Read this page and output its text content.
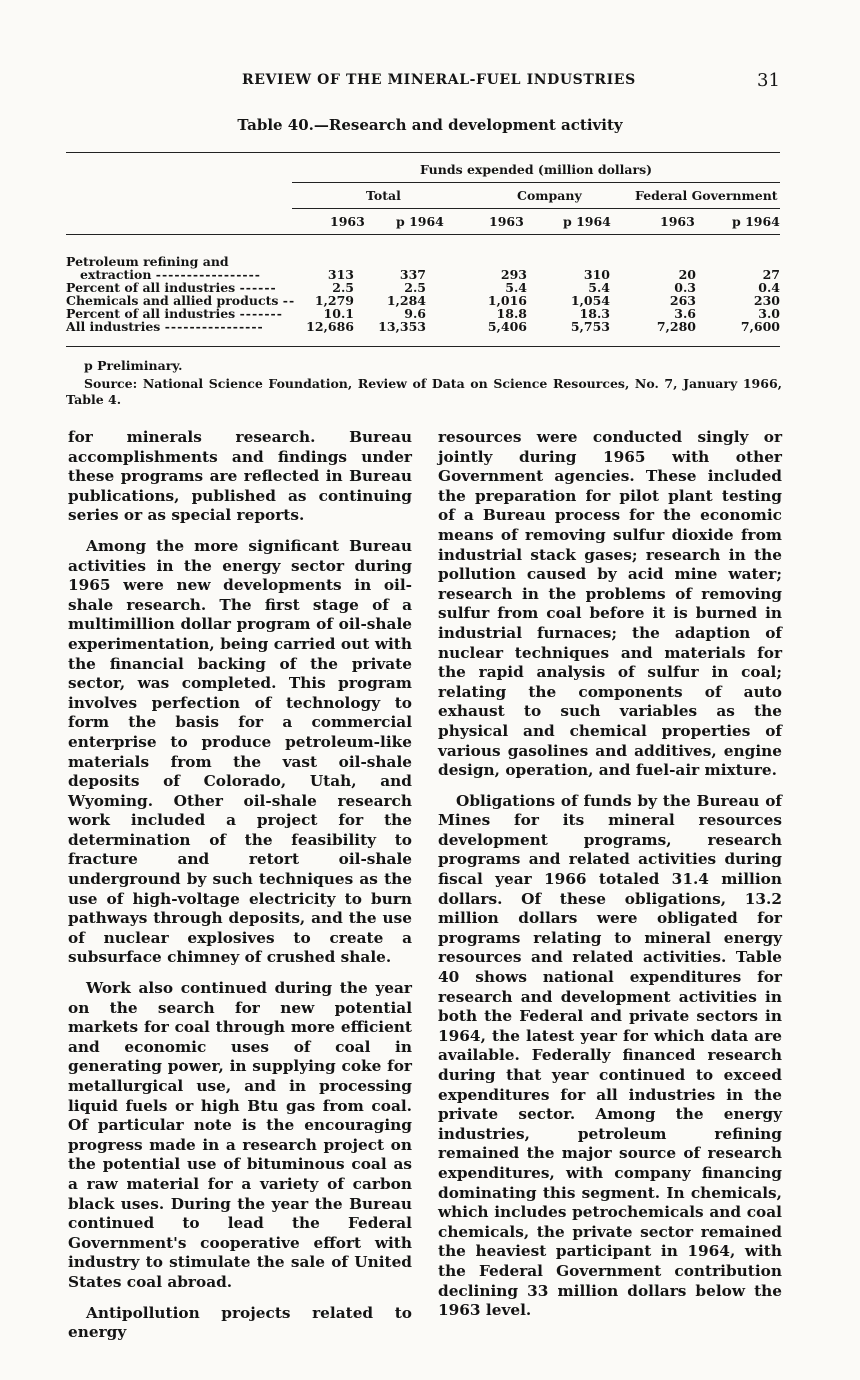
REVIEW OF THE MINERAL-FUEL INDUSTRIES	31
Table 40.—Research and development activity
Funds expended (million dollars)
Total	Company	Federal Government
1963 p 1964	1963	p 1964	1963	p 1964
Petroleum refining and
extraction -----------------	313	337	293	310	20	27
Percent of all industries ------	2.5	2.5	5.4	5.4	0.3	0.4
Chemicals and allied products --	1,279	1,284	1,016	1,054	263	230
Percent of all industries -------	10.1	9.6	18.8	18.3	3.6	3.0
All industries ----------------	12,686	13,353	5,406	5,753	7,280	7,600
p Preliminary.
Source: National Science Foundation, Review of Data on Science Resources, No. 7, January 1966, Table 4.

for minerals research. Bureau accomplishments and findings under these programs are reflected in Bureau publications, published as continuing series or as special reports.

Among the more significant Bureau activities in the energy sector during 1965 were new developments in oil-shale research. The first stage of a multimillion dollar program of oil-shale experimentation, being carried out with the financial backing of the private sector, was completed. This program involves perfection of technology to form the basis for a commercial enterprise to produce petroleum-like materials from the vast oil-shale deposits of Colorado, Utah, and Wyoming. Other oil-shale research work included a project for the determination of the feasibility to fracture and retort oil-shale underground by such techniques as the use of high-voltage electricity to burn pathways through deposits, and the use of nuclear explosives to create a subsurface chimney of crushed shale.

Work also continued during the year on the search for new potential markets for coal through more efficient and economic uses of coal in generating power, in supplying coke for metallurgical use, and in processing liquid fuels or high Btu gas from coal. Of particular note is the encouraging progress made in a research project on the potential use of bituminous coal as a raw material for a variety of carbon black uses. During the year the Bureau continued to lead the Federal Government's cooperative effort with industry to stimulate the sale of United States coal abroad.

Antipollution projects related to energy

resources were conducted singly or jointly during 1965 with other Government agencies. These included the preparation for pilot plant testing of a Bureau process for the economic means of removing sulfur dioxide from industrial stack gases; research in the pollution caused by acid mine water; research in the problems of removing sulfur from coal before it is burned in industrial furnaces; the adaption of nuclear techniques and materials for the rapid analysis of sulfur in coal; relating the components of auto exhaust to such variables as the physical and chemical properties of various gasolines and additives, engine design, operation, and fuel-air mixture.

Obligations of funds by the Bureau of Mines for its mineral resources development programs, research programs and related activities during fiscal year 1966 totaled 31.4 million dollars. Of these obligations, 13.2 million dollars were obligated for programs relating to mineral energy resources and related activities. Table 40 shows national expenditures for research and development activities in both the Federal and private sectors in 1964, the latest year for which data are available. Federally financed research during that year continued to exceed expenditures for all industries in the private sector. Among the energy industries, petroleum refining remained the major source of research expenditures, with company financing dominating this segment. In chemicals, which includes petrochemicals and coal chemicals, the private sector remained the heaviest participant in 1964, with the Federal Government contribution declining 33 million dollars below the 1963 level.
